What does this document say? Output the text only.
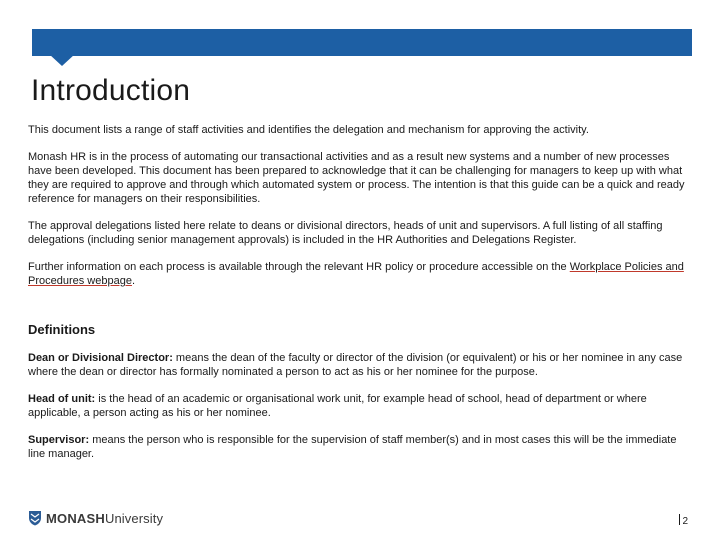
Introduction

This document lists a range of staff activities and identifies the delegation and mechanism for approving the activity.

Monash HR is in the process of automating our transactional activities and as a result new systems and a number of new processes have been developed. This document has been prepared to acknowledge that it can be challenging for managers to keep up with what they are required to approve and through which automated system or process. The intention is that this guide can be a quick and ready reference for managers on their responsibilities.

The approval delegations listed here relate to deans or divisional directors, heads of unit and supervisors. A full listing of all staffing delegations (including senior management approvals) is included in the HR Authorities and Delegations Register.

Further information on each process is available through the relevant HR policy or procedure accessible on the Workplace Policies and Procedures webpage.

Definitions

Dean or Divisional Director: means the dean of the faculty or director of the division (or equivalent) or his or her nominee in any case where the dean or director has formally nominated a person to act as his or her nominee for the purpose.

Head of unit: is the head of an academic or organisational work unit, for example head of school, head of department or where applicable, a person acting as his or her nominee.

Supervisor: means the person who is responsible for the supervision of staff member(s) and in most cases this will be the immediate line manager.

MONASH University	2
